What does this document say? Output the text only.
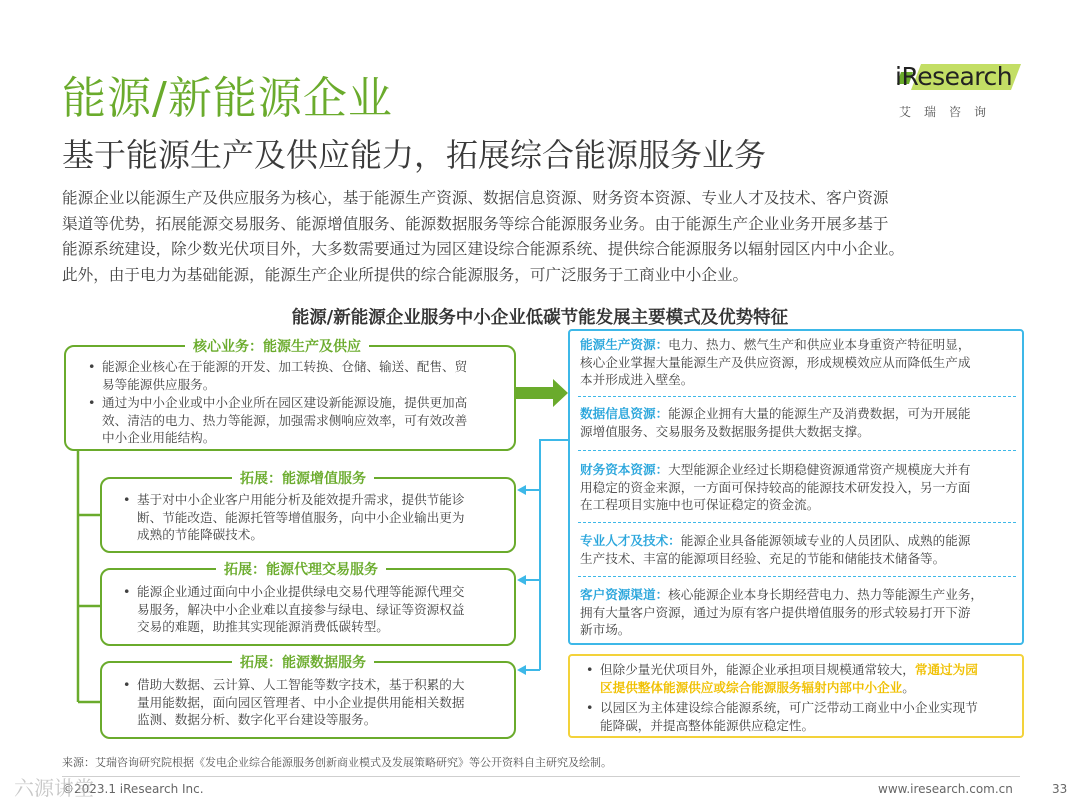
能源/新能源企业
基于能源生产及供应能力，拓展综合能源服务业务
iResearch
艾瑞咨询

能源企业以能源生产及供应服务为核心，基于能源生产资源、数据信息资源、财务资本资源、专业人才及技术、客户资源

渠道等优势，拓展能源交易服务、能源增值服务、能源数据服务等综合能源服务业务。由于能源生产企业业务开展多基于

能源系统建设，除少数光伏项目外，大多数需要通过为园区建设综合能源系统、提供综合能源服务以辐射园区内中小企业。

此外，由于电力为基础能源，能源生产企业所提供的综合能源服务，可广泛服务于工商业中小企业。

能源/新能源企业服务中小企业低碳节能发展主要模式及优势特征
核心业务：能源生产及供应
• 能源企业核心在于能源的开发、加工转换、仓储、输送、配售、贸

易等能源供应服务。

• 通过为中小企业或中小企业所在园区建设新能源设施，提供更加高

效、清洁的电力、热力等能源，加强需求侧响应效率，可有效改善

中小企业用能结构。

拓展：能源增值服务
• 基于对中小企业客户用能分析及能效提升需求，提供节能诊

断、节能改造、能源托管等增值服务，向中小企业输出更为

成熟的节能降碳技术。

拓展：能源代理交易服务
• 能源企业通过面向中小企业提供绿电交易代理等能源代理交

易服务，解决中小企业难以直接参与绿电、绿证等资源权益

交易的难题，助推其实现能源消费低碳转型。

拓展：能源数据服务
• 借助大数据、云计算、人工智能等数字技术，基于积累的大

量用能数据，面向园区管理者、中小企业提供用能相关数据

监测、数据分析、数字化平台建设等服务。

能源生产资源：电力、热力、燃气生产和供应业本身重资产特征明显，

核心企业掌握大量能源生产及供应资源，形成规模效应从而降低生产成

本并形成进入壁垒。

数据信息资源：能源企业拥有大量的能源生产及消费数据，可为开展能

源增值服务、交易服务及数据服务提供大数据支撑。

财务资本资源：大型能源企业经过长期稳健资源通常资产规模庞大并有

用稳定的资金来源，一方面可保持较高的能源技术研发投入，另一方面

在工程项目实施中也可保证稳定的资金流。

专业人才及技术：能源企业具备能源领域专业的人员团队、成熟的能源

生产技术、丰富的能源项目经验、充足的节能和储能技术储备等。

客户资源渠道：核心能源企业本身长期经营电力、热力等能源生产业务，

拥有大量客户资源，通过为原有客户提供增值服务的形式较易打开下游

新市场。

• 但除少量光伏项目外，能源企业承担项目规模通常较大，常通过为园

区提供整体能源供应或综合能源服务辐射内部中小企业。

• 以园区为主体建设综合能源系统，可广泛带动工商业中小企业实现节

能降碳，并提高整体能源供应稳定性。

来源：艾瑞咨询研究院根据《发电企业综合能源服务创新商业模式及发展策略研究》等公开资料自主研究及绘制。
©2023.1 iResearch Inc.	www.iresearch.com.cn	33
六源讲堂
